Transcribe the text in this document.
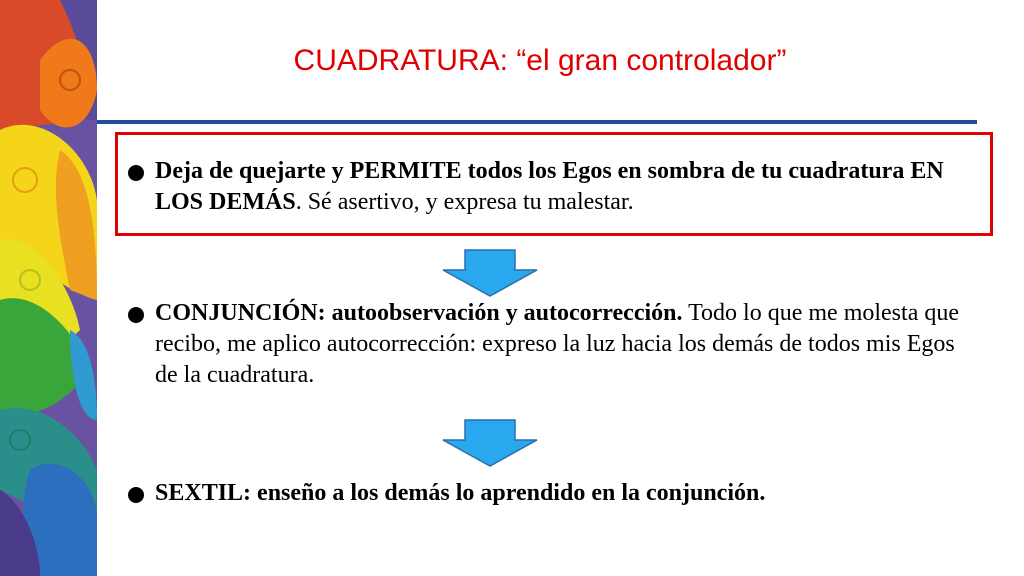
CUADRATURA: “el gran controlador”
Deja de quejarte y PERMITE todos los Egos en sombra de tu cuadratura EN LOS DEMÁS. Sé asertivo, y expresa tu malestar.
CONJUNCIÓN: autoobservación y autocorrección. Todo lo que me molesta que recibo, me aplico autocorrección: expreso la luz hacia los demás de todos mis Egos de la cuadratura.
SEXTIL: enseño a los demás lo aprendido en la conjunción.
